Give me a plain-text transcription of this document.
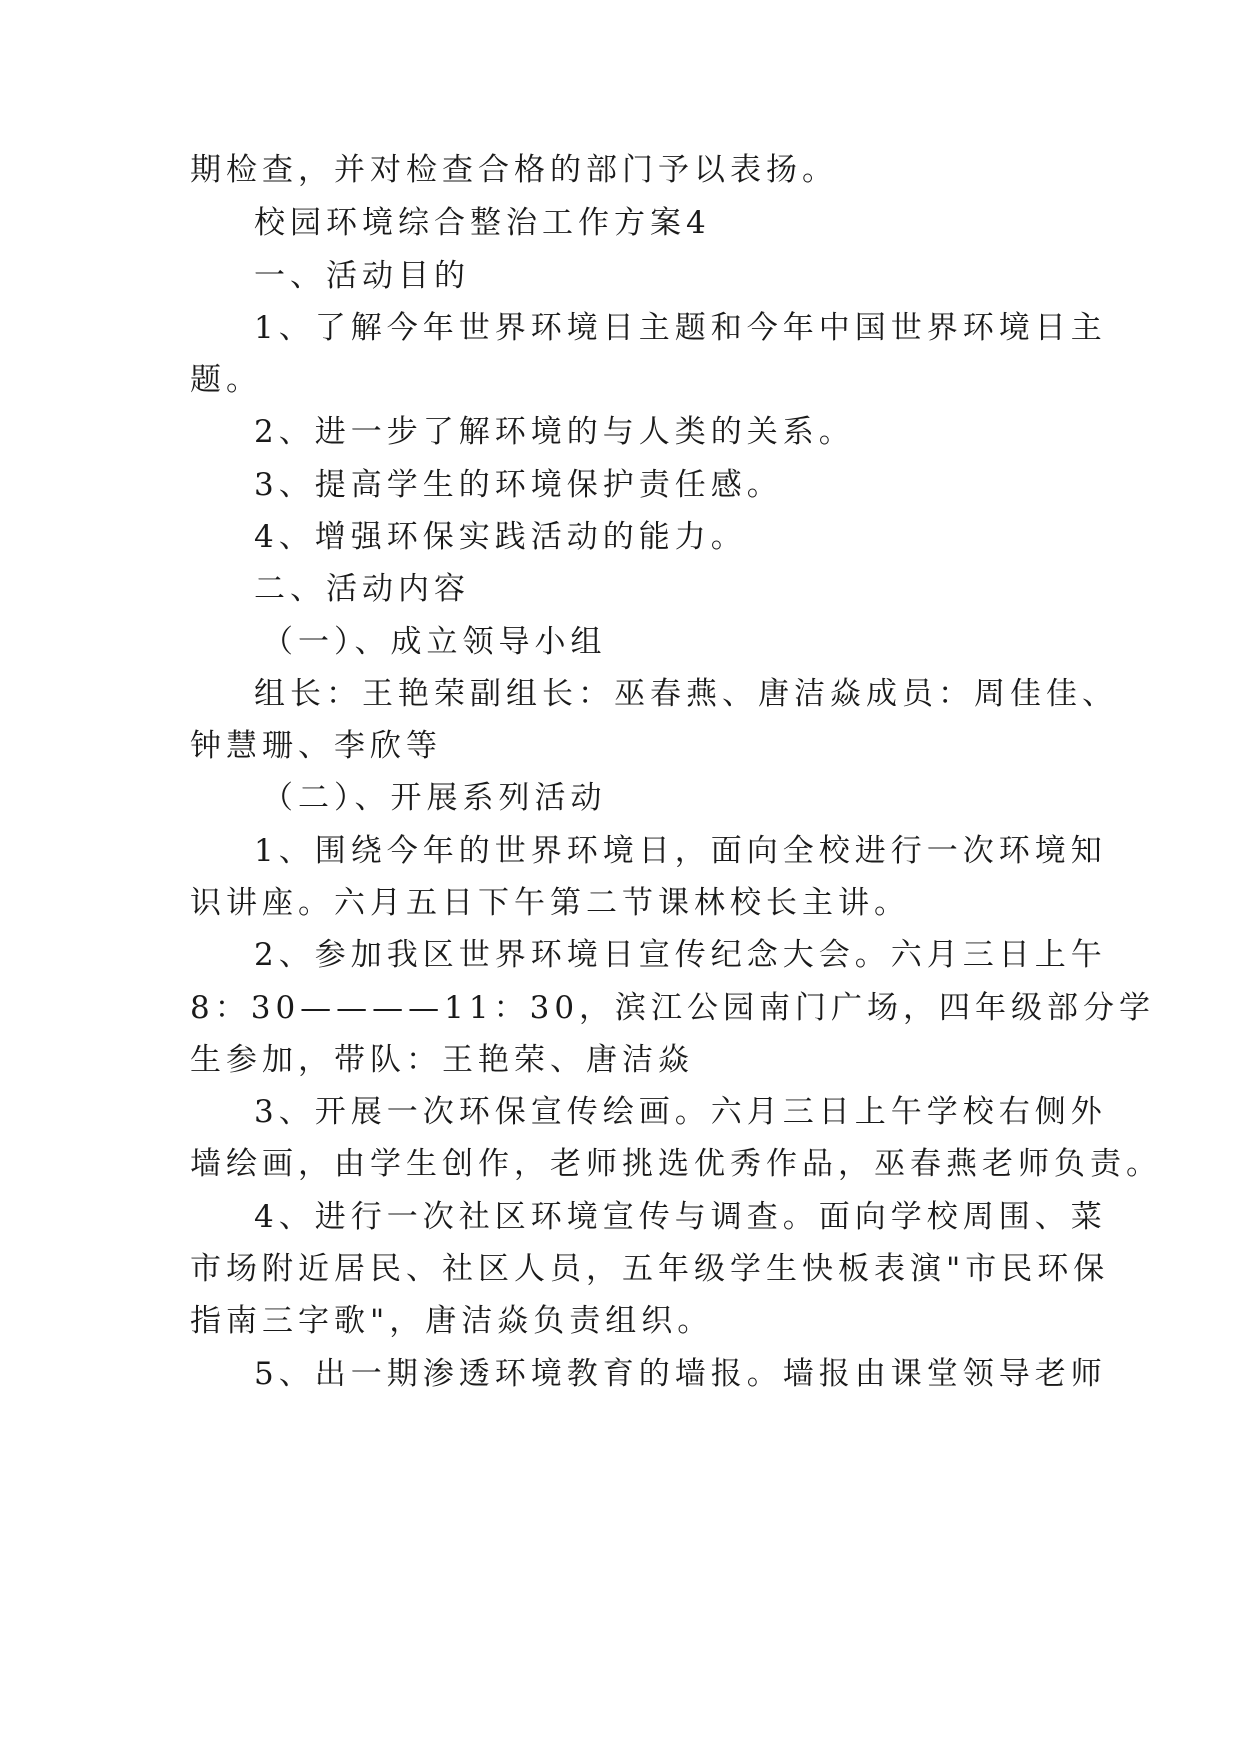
期检查，并对检查合格的部门予以表扬。
校园环境综合整治工作方案4
一、活动目的
1、了解今年世界环境日主题和今年中国世界环境日主
题。
2、进一步了解环境的与人类的关系。
3、提高学生的环境保护责任感。
4、增强环保实践活动的能力。
二、活动内容
（一）、成立领导小组
组长：王艳荣副组长：巫春燕、唐洁焱成员：周佳佳、
钟慧珊、李欣等
（二）、开展系列活动
1、围绕今年的世界环境日，面向全校进行一次环境知
识讲座。六月五日下午第二节课林校长主讲。
2、参加我区世界环境日宣传纪念大会。六月三日上午
8：30————11：30，滨江公园南门广场，四年级部分学
生参加，带队：王艳荣、唐洁焱
3、开展一次环保宣传绘画。六月三日上午学校右侧外
墙绘画，由学生创作，老师挑选优秀作品，巫春燕老师负责。
4、进行一次社区环境宣传与调查。面向学校周围、菜
市场附近居民、社区人员，五年级学生快板表演"市民环保
指南三字歌"，唐洁焱负责组织。
5、出一期渗透环境教育的墙报。墙报由课堂领导老师
